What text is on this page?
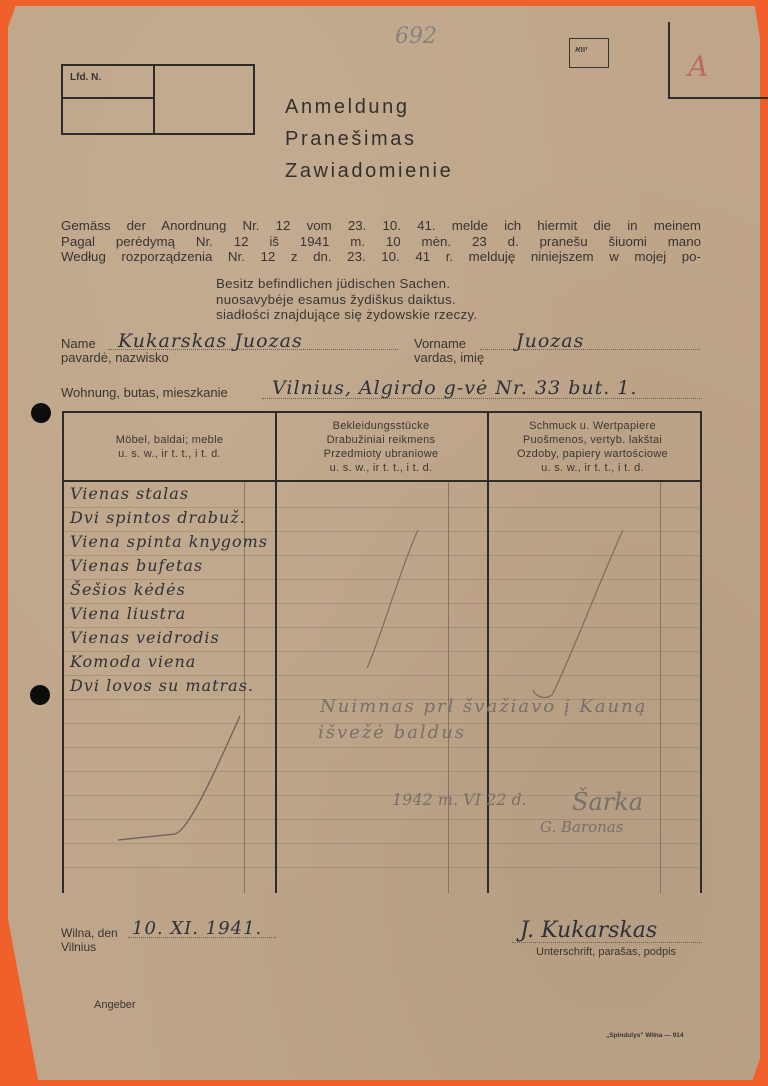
692
יווא
A
Lfd. N.
Anmeldung
Pranešimas
Zawiadomienie
Gemäss der Anordnung Nr. 12 vom 23. 10. 41. melde ich hiermit die in meinem
Pagal perėdymą Nr. 12 iš 1941 m. 10 mėn. 23 d. pranešu šiuomi mano
Według rozporządzenia Nr. 12 z dn. 23. 10. 41 r. melduję niniejszem w mojej po-
Besitz befindlichen jüdischen Sachen.
nuosavybėje esamus žydiškus daiktus.
siadłości znajdujące się żydowskie rzeczy.
Name
pavardė, nazwisko
Kukarskas Juozas	Vorname
vardas, imię
Juozas
Wohnung, butas, mieszkanie Vilnius, Algirdo g-vė Nr. 33 but. 1.
Möbel, baldai; meble
u. s. w., ir t. t., i t. d.
Bekleidungsstücke
Drabužiniai reikmens
Przedmioty ubraniowe
u. s. w., ir t. t., i t. d.
Schmuck u. Wertpapiere
Puošmenos, vertyb. lakštai
Ozdoby, papiery wartościowe
u. s. w., ir t. t., i t. d.
Vienas stalas
Dvi spintos drabuž.
Viena spinta knygoms
Vienas bufetas
Šešios kėdės
Viena liustra
Vienas veidrodis
Komoda viena
Dvi lovos su matras.
Nuimnas prl švažiavo į Kauną
išvežė baldus
1942 m. VI 22 d. Šarka
G. Baronas
Wilna, den
Vilnius
10. XI. 1941.	J. Kukarskas
Unterschrift, parašas, podpis
Angeber
„Spindulys" Wilna — 914
